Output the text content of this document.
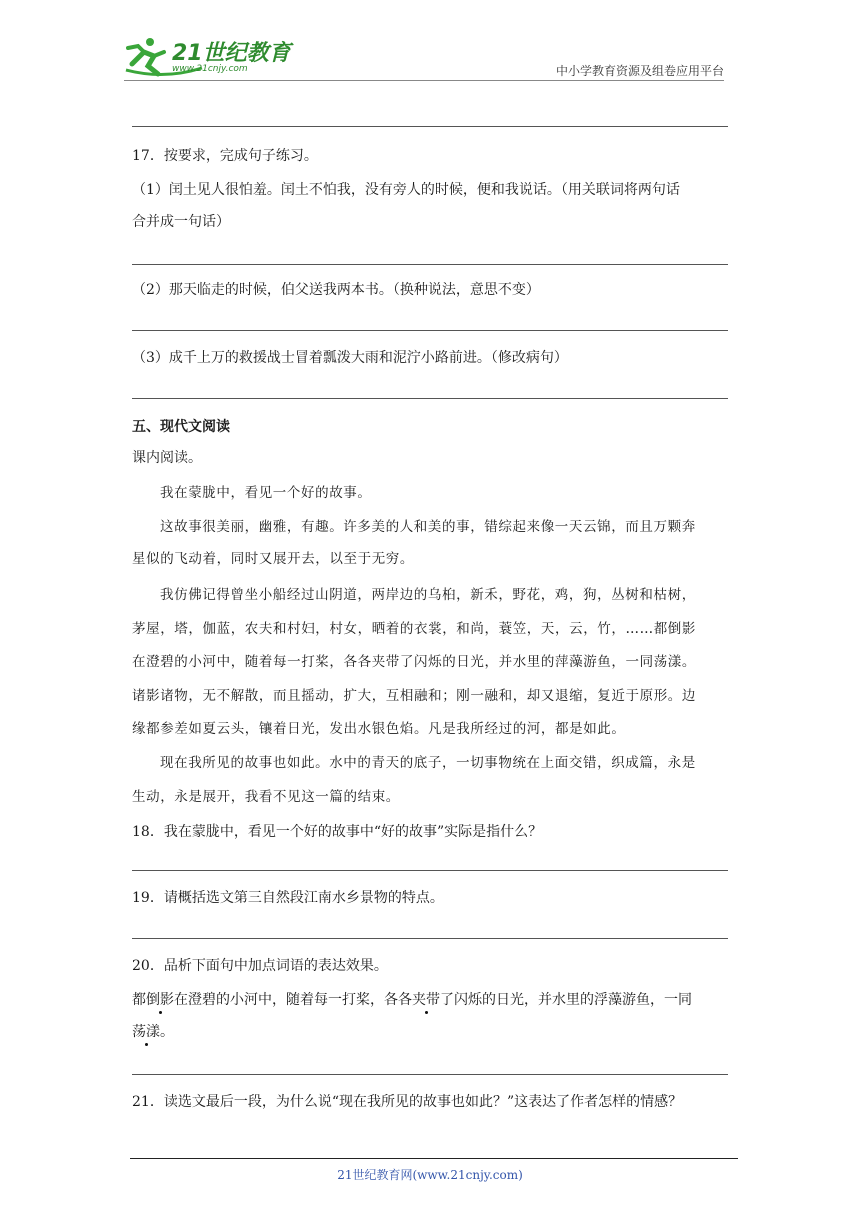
21世纪教育
www.21cnjy.com	中小学教育资源及组卷应用平台
17．按要求，完成句子练习。
（1）闰土见人很怕羞。闰土不怕我，没有旁人的时候，便和我说话。（用关联词将两句话
合并成一句话）
（2）那天临走的时候，伯父送我两本书。（换种说法，意思不变）
（3）成千上万的救援战士冒着瓢泼大雨和泥泞小路前进。（修改病句）
五、现代文阅读
课内阅读。
我在蒙胧中，看见一个好的故事。
这故事很美丽，幽雅，有趣。许多美的人和美的事，错综起来像一天云锦，而且万颗奔
星似的飞动着，同时又展开去，以至于无穷。
我仿佛记得曾坐小船经过山阴道，两岸边的乌桕，新禾，野花，鸡，狗，丛树和枯树，
茅屋，塔，伽蓝，农夫和村妇，村女，晒着的衣裳，和尚，蓑笠，天，云，竹，……都倒影
在澄碧的小河中，随着每一打桨，各各夹带了闪烁的日光，并水里的萍藻游鱼，一同荡漾。
诸影诸物，无不解散，而且摇动，扩大，互相融和；刚一融和，却又退缩，复近于原形。边
缘都参差如夏云头，镶着日光，发出水银色焰。凡是我所经过的河，都是如此。
现在我所见的故事也如此。水中的青天的底子，一切事物统在上面交错，织成篇，永是
生动，永是展开，我看不见这一篇的结束。
18．我在蒙胧中，看见一个好的故事中“好的故事”实际是指什么？
19．请概括选文第三自然段江南水乡景物的特点。
20．品析下面句中加点词语的表达效果。
都倒影在澄碧的小河中，随着每一打桨，各各夹带了闪烁的日光，并水里的浮藻游鱼，一同
荡漾。
21．读选文最后一段，为什么说“现在我所见的故事也如此？”这表达了作者怎样的情感？
21世纪教育网(www.21cnjy.com)
